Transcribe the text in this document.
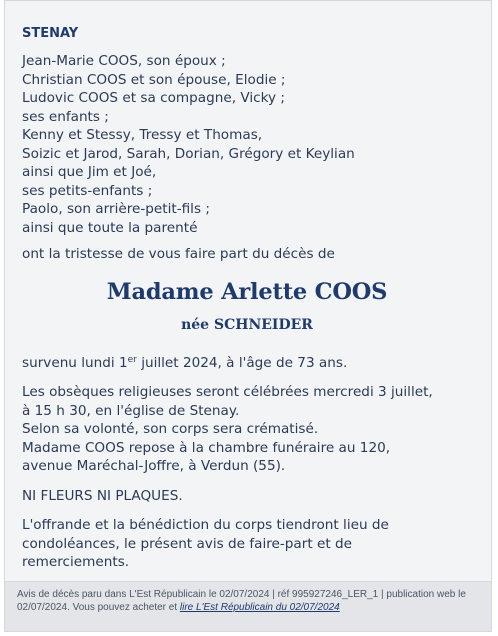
STENAY
Jean-Marie COOS, son époux ;
Christian COOS et son épouse, Elodie ;
Ludovic COOS et sa compagne, Vicky ;
ses enfants ;
Kenny et Stessy, Tressy et Thomas,
Soizic et Jarod, Sarah, Dorian, Grégory et Keylian
ainsi que Jim et Joé,
ses petits-enfants ;
Paolo, son arrière-petit-fils ;
ainsi que toute la parenté
ont la tristesse de vous faire part du décès de
Madame Arlette COOS
née SCHNEIDER
survenu lundi 1er juillet 2024, à l'âge de 73 ans.
Les obsèques religieuses seront célébrées mercredi 3 juillet,
à 15 h 30, en l'église de Stenay.
Selon sa volonté, son corps sera crématisé.
Madame COOS repose à la chambre funéraire au 120,
avenue Maréchal-Joffre, à Verdun (55).
NI FLEURS NI PLAQUES.
L'offrande et la bénédiction du corps tiendront lieu de
condoléances, le présent avis de faire-part et de
remerciements.
Avis de décès paru dans L'Est Républicain le 02/07/2024 | réf 995927246_LER_1 | publication web le 02/07/2024. Vous pouvez acheter et lire L'Est Républicain du 02/07/2024
